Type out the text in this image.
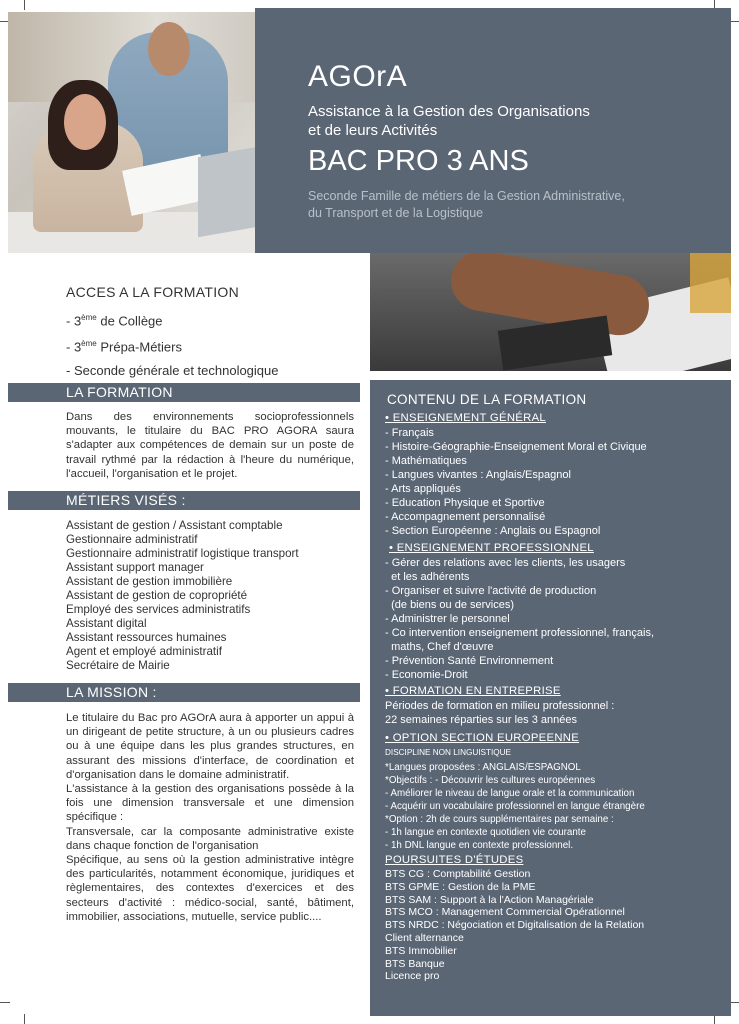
AGOrA
Assistance à la Gestion des Organisations
et de leurs Activités
BAC PRO 3 ANS
Seconde Famille de métiers de la Gestion Administrative,
du Transport et de la Logistique
ACCES A LA FORMATION
- 3ème de Collège
- 3ème Prépa-Métiers
- Seconde générale et technologique
LA FORMATION
Dans des environnements socioprofessionnels mouvants, le titulaire du BAC PRO AGORA saura s'adapter aux compétences de demain sur un poste de travail rythmé par la rédaction à l'heure du numérique, l'accueil, l'organisation et le projet.
MÉTIERS VISÉS :
Assistant de gestion / Assistant comptable
Gestionnaire administratif
Gestionnaire administratif logistique transport
Assistant support manager
Assistant de gestion immobilière
Assistant de gestion de copropriété
Employé des services administratifs
Assistant digital
Assistant ressources humaines
Agent et employé administratif
Secrétaire de Mairie
LA MISSION :
Le titulaire du Bac pro AGOrA aura à apporter un appui à un dirigeant de petite structure, à un ou plusieurs cadres ou à une équipe dans les plus grandes structures, en assurant des missions d'interface, de coordination et d'organisation dans le domaine administratif.
L'assistance à la gestion des organisations possède à la fois une dimension transversale et une dimension spécifique :
Transversale, car la composante administrative existe dans chaque fonction de l'organisation
Spécifique, au sens où la gestion administrative intègre des particularités, notamment économique, juridiques et règlementaires, des contextes d'exercices et des secteurs d'activité : médico-social, santé, bâtiment, immobilier, associations, mutuelle, service public....
CONTENU DE LA FORMATION
• ENSEIGNEMENT GÉNÉRAL
- Français
- Histoire-Géographie-Enseignement Moral et Civique
- Mathématiques
- Langues vivantes : Anglais/Espagnol
- Arts appliqués
- Education Physique et Sportive
- Accompagnement personnalisé
- Section Européenne : Anglais ou Espagnol
• ENSEIGNEMENT PROFESSIONNEL
- Gérer des relations avec les clients, les usagers
et les adhérents
- Organiser et suivre l'activité de production
(de biens ou de services)
- Administrer le personnel
- Co intervention enseignement professionnel, français,
maths, Chef d'œuvre
- Prévention Santé Environnement
- Economie-Droit
• FORMATION EN ENTREPRISE
Périodes de formation en milieu professionnel :
22 semaines réparties sur les 3 années
• OPTION SECTION EUROPEENNE
DISCIPLINE NON LINGUISTIQUE
*Langues proposées : ANGLAIS/ESPAGNOL
*Objectifs : - Découvrir les cultures européennes
- Améliorer le niveau de langue orale et la communication
- Acquérir un vocabulaire professionnel en langue étrangère
*Option : 2h de cours supplémentaires par semaine :
- 1h langue en contexte quotidien vie courante
- 1h DNL langue en contexte professionnel.
POURSUITES D'ÉTUDES
BTS CG : Comptabilité Gestion
BTS GPME : Gestion de la PME
BTS SAM : Support à la l'Action Managériale
BTS MCO : Management Commercial Opérationnel
BTS NRDC : Négociation et Digitalisation de la Relation
Client alternance
BTS Immobilier
BTS Banque
Licence pro
